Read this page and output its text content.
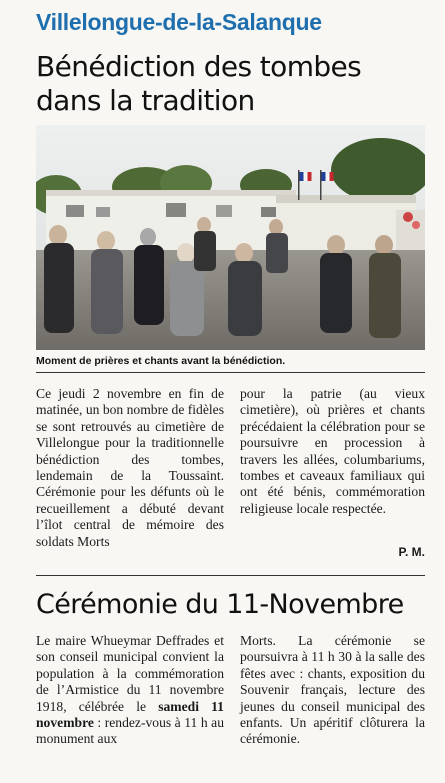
Villelongue-de-la-Salanque
Bénédiction des tombes
dans la tradition
Moment de prières et chants avant la bénédiction.

Ce jeudi 2 novembre en fin de matinée, un bon nombre de fidèles se sont retrouvés au cimetière de Villelongue pour la traditionnelle bénédiction des tombes, lendemain de la Toussaint. Cérémonie pour les défunts où le recueillement a débuté devant l’îlot central de mémoire des soldats Morts

pour la patrie (au vieux cimetière), où prières et chants précédaient la célébration pour se poursuivre en procession à travers les allées, columbariums, tombes et caveaux familiaux qui ont été bénis, commémoration religieuse locale respectée.

P. M.
Cérémonie du 11-Novembre

Le maire Whueymar Deffrades et son conseil municipal convient la population à la commémoration de l’Armistice du 11 novembre 1918, célébrée le samedi 11 novembre : rendez-vous à 11 h au monument aux

Morts. La cérémonie se poursuivra à 11 h 30 à la salle des fêtes avec : chants, exposition du Souvenir français, lecture des jeunes du conseil municipal des enfants. Un apéritif clôturera la cérémonie.
